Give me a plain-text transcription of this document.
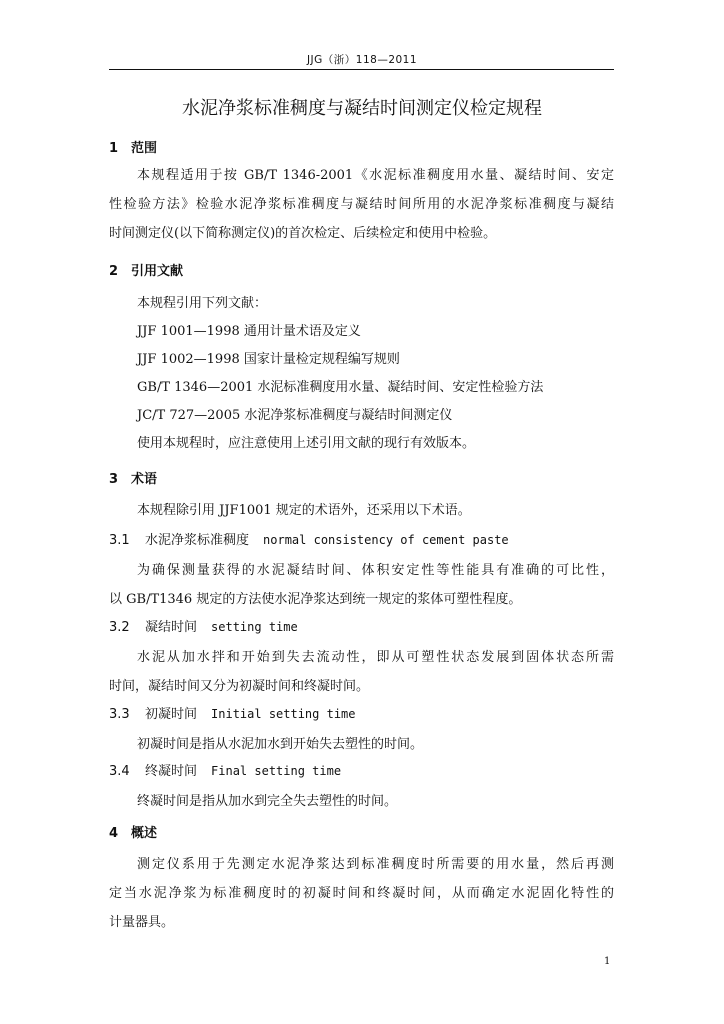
JJG（浙）118—2011
水泥净浆标准稠度与凝结时间测定仪检定规程
1 范围
本规程适用于按 GB/T 1346-2001《水泥标准稠度用水量、凝结时间、安定
性检验方法》检验水泥净浆标准稠度与凝结时间所用的水泥净浆标准稠度与凝结
时间测定仪(以下简称测定仪)的首次检定、后续检定和使用中检验。
2 引用文献
本规程引用下列文献：
JJF 1001—1998 通用计量术语及定义
JJF 1002—1998 国家计量检定规程编写规则
GB/T 1346—2001 水泥标准稠度用水量、凝结时间、安定性检验方法
JC/T 727—2005 水泥净浆标准稠度与凝结时间测定仪
使用本规程时，应注意使用上述引用文献的现行有效版本。
3 术语
本规程除引用 JJF1001 规定的术语外，还采用以下术语。
3.1 水泥净浆标准稠度 normal consistency of cement paste
为确保测量获得的水泥凝结时间、体积安定性等性能具有准确的可比性，
以 GB/T1346 规定的方法使水泥净浆达到统一规定的浆体可塑性程度。
3.2 凝结时间 setting time
水泥从加水拌和开始到失去流动性，即从可塑性状态发展到固体状态所需
时间，凝结时间又分为初凝时间和终凝时间。
3.3 初凝时间 Initial setting time
初凝时间是指从水泥加水到开始失去塑性的时间。
3.4 终凝时间 Final setting time
终凝时间是指从加水到完全失去塑性的时间。
4 概述
测定仪系用于先测定水泥净浆达到标准稠度时所需要的用水量，然后再测
定当水泥净浆为标准稠度时的初凝时间和终凝时间，从而确定水泥固化特性的
计量器具。
1
